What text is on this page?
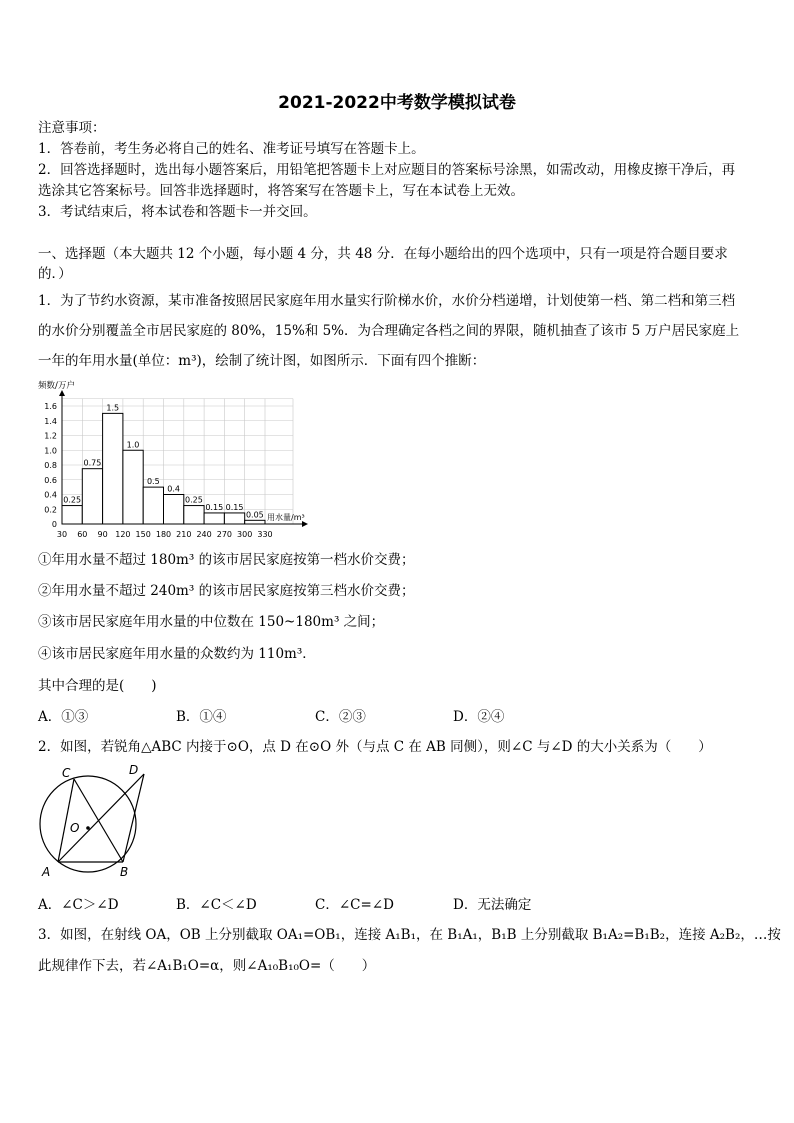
2021-2022中考数学模拟试卷
注意事项：
1．答卷前，考生务必将自己的姓名、准考证号填写在答题卡上。
2．回答选择题时，选出每小题答案后，用铅笔把答题卡上对应题目的答案标号涂黑，如需改动，用橡皮擦干净后，再
选涂其它答案标号。回答非选择题时，将答案写在答题卡上，写在本试卷上无效。
3．考试结束后，将本试卷和答题卡一并交回。
一、选择题（本大题共 12 个小题，每小题 4 分，共 48 分．在每小题给出的四个选项中，只有一项是符合题目要求
的．）
1．为了节约水资源，某市准备按照居民家庭年用水量实行阶梯水价，水价分档递增，计划使第一档、第二档和第三档
的水价分别覆盖全市居民家庭的 80%，15%和 5%．为合理确定各档之间的界限，随机抽查了该市 5 万户居民家庭上
一年的年用水量(单位：m³)，绘制了统计图，如图所示．下面有四个推断：
0.25
0.75
1.5
1.0
0.5
0.4
0.25
0.15 0.15
0.05
0
0.2
0.4
0.6
0.8
1.0
1.2
1.4
1.6
30 60 90 120 150 180 210 240 270 300 330
频数/万户
用水量/m³
①年用水量不超过 180m³ 的该市居民家庭按第一档水价交费；
②年用水量不超过 240m³ 的该市居民家庭按第三档水价交费；
③该市居民家庭年用水量的中位数在 150~180m³ 之间；
④该市居民家庭年用水量的众数约为 110m³．
其中合理的是(　　)
A．①③	B．①④	C．②③	D．②④
2．如图，若锐角△ABC 内接于⊙O，点 D 在⊙O 外（与点 C 在 AB 同侧），则∠C 与∠D 的大小关系为（　　）
C	D
O
A	B
A．∠C＞∠D	B．∠C＜∠D	C．∠C=∠D	D．无法确定
3．如图，在射线 OA，OB 上分别截取 OA₁=OB₁，连接 A₁B₁，在 B₁A₁，B₁B 上分别截取 B₁A₂=B₁B₂，连接 A₂B₂，…按
此规律作下去，若∠A₁B₁O=α，则∠A₁₀B₁₀O=（　　）
